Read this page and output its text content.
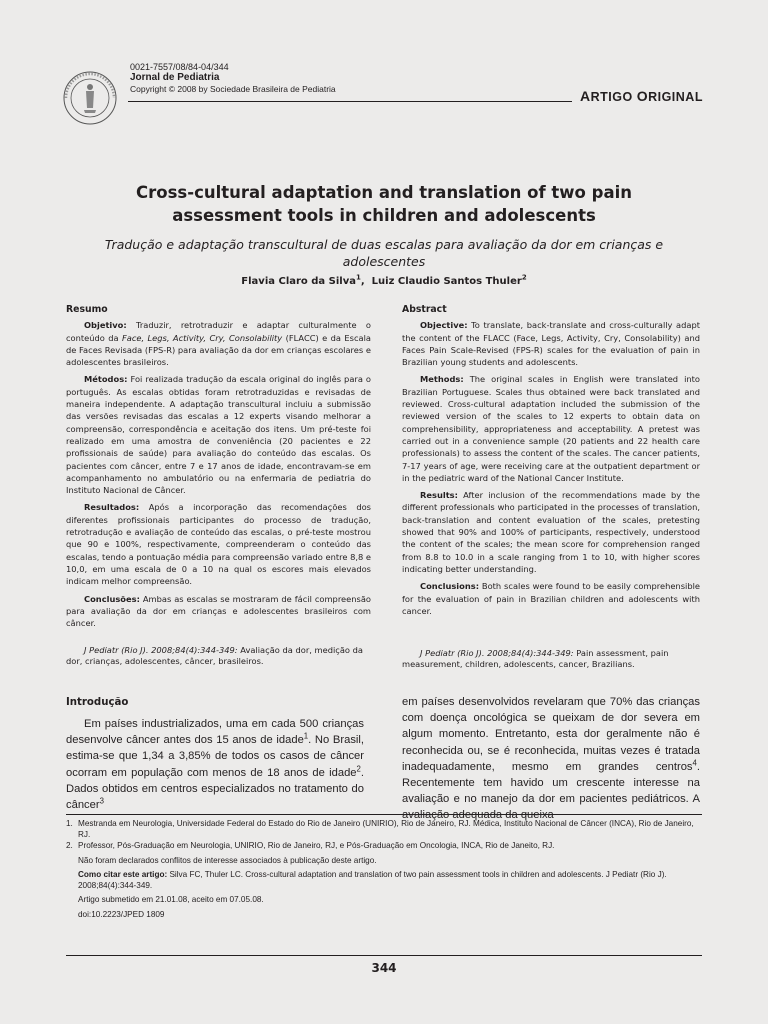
0021-7557/08/84-04/344
Jornal de Pediatria
Copyright © 2008 by Sociedade Brasileira de Pediatria	ARTIGO ORIGINAL
Cross-cultural adaptation and translation of two pain assessment tools in children and adolescents
Tradução e adaptação transcultural de duas escalas para avaliação da dor em crianças e adolescentes
Flavia Claro da Silva$^1$, Luiz Claudio Santos Thuler$^2$
Resumo

Objetivo: Traduzir, retrotraduzir e adaptar culturalmente o conteúdo da Face, Legs, Activity, Cry, Consolability (FLACC) e da Escala de Faces Revisada (FPS-R) para avaliação da dor em crianças escolares e adolescentes brasileiros.

Métodos: Foi realizada tradução da escala original do inglês para o português. As escalas obtidas foram retrotraduzidas e revisadas de maneira independente. A adaptação transcultural incluiu a submissão das versões revisadas das escalas a 12 experts visando melhorar a compreensão, correspondência e aceitação dos itens. Um pré-teste foi realizado em uma amostra de conveniência (20 pacientes e 22 profissionais de saúde) para avaliação do conteúdo das escalas. Os pacientes com câncer, entre 7 e 17 anos de idade, encontravam-se em acompanhamento no ambulatório ou na enfermaria de pediatria do Instituto Nacional de Câncer.

Resultados: Após a incorporação das recomendações dos diferentes profissionais participantes do processo de tradução, retrotradução e avaliação de conteúdo das escalas, o pré-teste mostrou que 90 e 100%, respectivamente, compreenderam o conteúdo das escalas, tendo a pontuação média para compreensão variado entre 8,8 e 10,0, em uma escala de 0 a 10 na qual os escores mais elevados indicam melhor compreensão.

Conclusões: Ambas as escalas se mostraram de fácil compreensão para avaliação da dor em crianças e adolescentes brasileiros com câncer.

J Pediatr (Rio J). 2008;84(4):344-349: Avaliação da dor, medição da dor, crianças, adolescentes, câncer, brasileiros.
Abstract

Objective: To translate, back-translate and cross-culturally adapt the content of the FLACC (Face, Legs, Activity, Cry, Consolability) and Faces Pain Scale-Revised (FPS-R) scales for the evaluation of pain in Brazilian young students and adolescents.

Methods: The original scales in English were translated into Brazilian Portuguese. Scales thus obtained were back translated and reviewed. Cross-cultural adaptation included the submission of the reviewed version of the scales to 12 experts to obtain data on comprehensibility, appropriateness and acceptability. A pretest was carried out in a convenience sample (20 patients and 22 health care professionals) to assess the content of the scales. The cancer patients, 7-17 years of age, were receiving care at the outpatient department or in the pediatric ward of the National Cancer Institute.

Results: After inclusion of the recommendations made by the different professionals who participated in the processes of translation, back-translation and content evaluation of the scales, pretesting showed that 90% and 100% of participants, respectively, understood the content of the scales; the mean score for comprehension ranged from 8.8 to 10.0 in a scale ranging from 1 to 10, with higher scores indicating better understanding.

Conclusions: Both scales were found to be easily comprehensible for the evaluation of pain in Brazilian children and adolescents with cancer.

J Pediatr (Rio J). 2008;84(4):344-349: Pain assessment, pain measurement, children, adolescents, cancer, Brazilians.
Introdução
Em países industrializados, uma em cada 500 crianças desenvolve câncer antes dos 15 anos de idade$^1$. No Brasil, estima-se que 1,34 a 3,85% de todos os casos de câncer ocorram em população com menos de 18 anos de idade$^2$. Dados obtidos em centros especializados no tratamento do câncer$^3$
em países desenvolvidos revelaram que 70% das crianças com doença oncológica se queixam de dor severa em algum momento. Entretanto, esta dor geralmente não é reconhecida ou, se é reconhecida, muitas vezes é tratada inadequadamente, mesmo em grandes centros$^4$. Recentemente tem havido um crescente interesse na avaliação e no manejo da dor em pacientes pediátricos. A avaliação adequada da queixa
1. Mestranda em Neurologia, Universidade Federal do Estado do Rio de Janeiro (UNIRIO), Rio de Janeiro, RJ. Médica, Instituto Nacional de Câncer (INCA), Rio de Janeiro, RJ.
2. Professor, Pós-Graduação em Neurologia, UNIRIO, Rio de Janeiro, RJ, e Pós-Graduação em Oncologia, INCA, Rio de Janeito, RJ.
Não foram declarados conflitos de interesse associados à publicação deste artigo.
Como citar este artigo: Silva FC, Thuler LC. Cross-cultural adaptation and translation of two pain assessment tools in children and adolescents. J Pediatr (Rio J). 2008;84(4):344-349.
Artigo submetido em 21.01.08, aceito em 07.05.08.
doi:10.2223/JPED 1809
344
